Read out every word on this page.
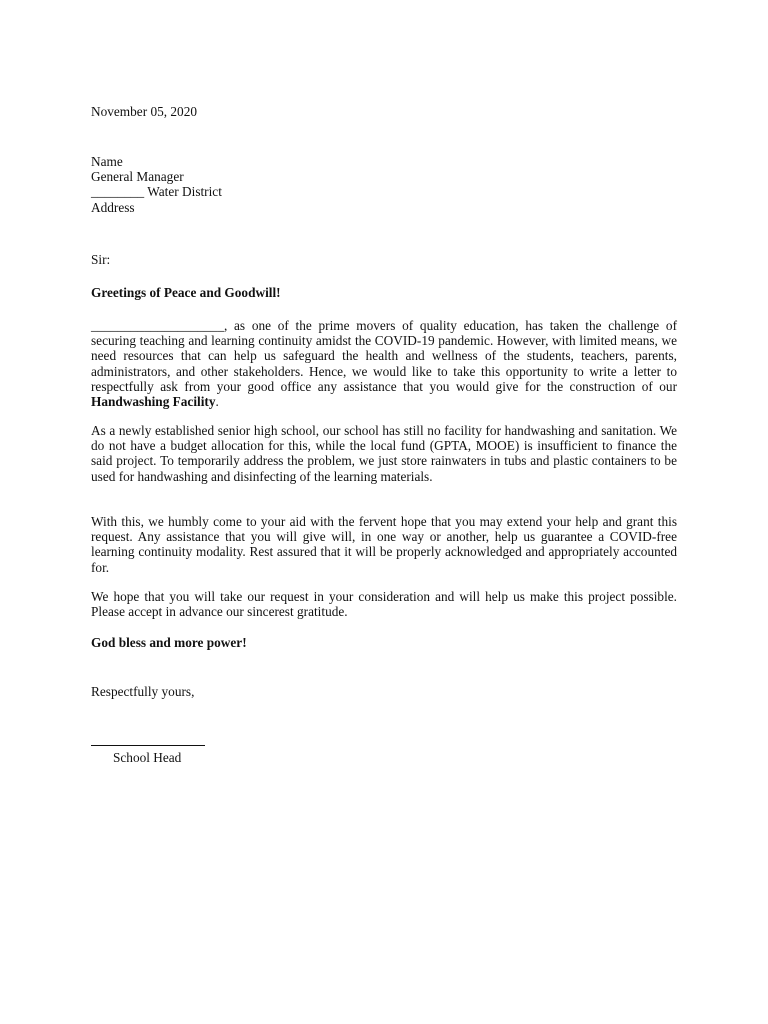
November 05, 2020

Name

General Manager

________ Water District

Address

Sir:

Greetings of Peace and Goodwill!

____________________, as one of the prime movers of quality education, has taken the challenge of securing teaching and learning continuity amidst the COVID-19 pandemic. However, with limited means, we need resources that can help us safeguard the health and wellness of the students, teachers, parents, administrators, and other stakeholders. Hence, we would like to take this opportunity to write a letter to respectfully ask from your good office any assistance that you would give for the construction of our Handwashing Facility.

As a newly established senior high school, our school has still no facility for handwashing and sanitation. We do not have a budget allocation for this, while the local fund (GPTA, MOOE) is insufficient to finance the said project. To temporarily address the problem, we just store rainwaters in tubs and plastic containers to be used for handwashing and disinfecting of the learning materials.

With this, we humbly come to your aid with the fervent hope that you may extend your help and grant this request. Any assistance that you will give will, in one way or another, help us guarantee a COVID-free learning continuity modality. Rest assured that it will be properly acknowledged and appropriately accounted for.

We hope that you will take our request in your consideration and will help us make this project possible. Please accept in advance our sincerest gratitude.

God bless and more power!

Respectfully yours,

School Head
